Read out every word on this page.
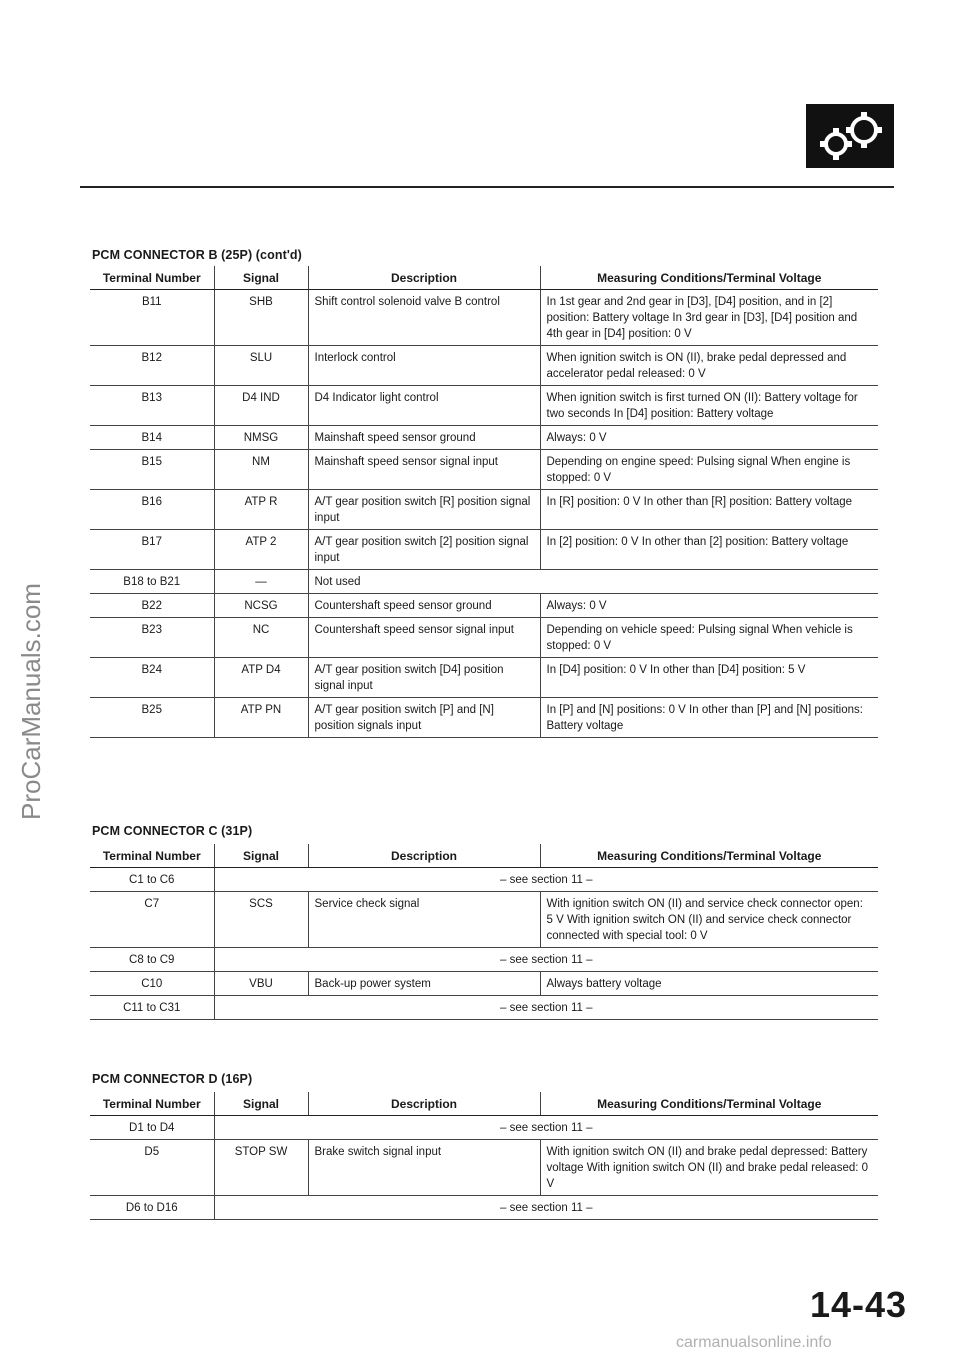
ProCarManuals.com
PCM CONNECTOR B (25P) (cont'd)
Terminal Number	Signal	Description	Measuring Conditions/Terminal Voltage
B11	SHB	Shift control solenoid valve B control	In 1st gear and 2nd gear in [D3], [D4] position, and in [2] position: Battery voltage In 3rd gear in [D3], [D4] position and 4th gear in [D4] position: 0 V
B12	SLU	Interlock control	When ignition switch is ON (II), brake pedal depressed and accelerator pedal released: 0 V
B13	D4 IND	D4 Indicator light control	When ignition switch is first turned ON (II): Battery voltage for two seconds In [D4] position: Battery voltage
B14	NMSG	Mainshaft speed sensor ground	Always: 0 V
B15	NM	Mainshaft speed sensor signal input	Depending on engine speed: Pulsing signal When engine is stopped: 0 V
B16	ATP R	A/T gear position switch [R] position signal input	In [R] position: 0 V In other than [R] position: Battery voltage
B17	ATP 2	A/T gear position switch [2] position signal input	In [2] position: 0 V In other than [2] position: Battery voltage
B18 to B21	—	Not used	
B22	NCSG	Countershaft speed sensor ground	Always: 0 V
B23	NC	Countershaft speed sensor signal input	Depending on vehicle speed: Pulsing signal When vehicle is stopped: 0 V
B24	ATP D4	A/T gear position switch [D4] position signal input	In [D4] position: 0 V In other than [D4] position: 5 V
B25	ATP PN	A/T gear position switch [P] and [N] position signals input	In [P] and [N] positions: 0 V In other than [P] and [N] positions: Battery voltage
PCM CONNECTOR C (31P)
Terminal Number	Signal	Description	Measuring Conditions/Terminal Voltage
C1 to C6	– see section 11 –		
C7	SCS	Service check signal	With ignition switch ON (II) and service check connector open: 5 V With ignition switch ON (II) and service check connector connected with special tool: 0 V
C8 to C9	– see section 11 –		
C10	VBU	Back-up power system	Always battery voltage
C11 to C31	– see section 11 –		
PCM CONNECTOR D (16P)
Terminal Number	Signal	Description	Measuring Conditions/Terminal Voltage
D1 to D4	– see section 11 –		
D5	STOP SW	Brake switch signal input	With ignition switch ON (II) and brake pedal depressed: Battery voltage With ignition switch ON (II) and brake pedal released: 0 V
D6 to D16	– see section 11 –		
14-43
carmanualsonline.info
